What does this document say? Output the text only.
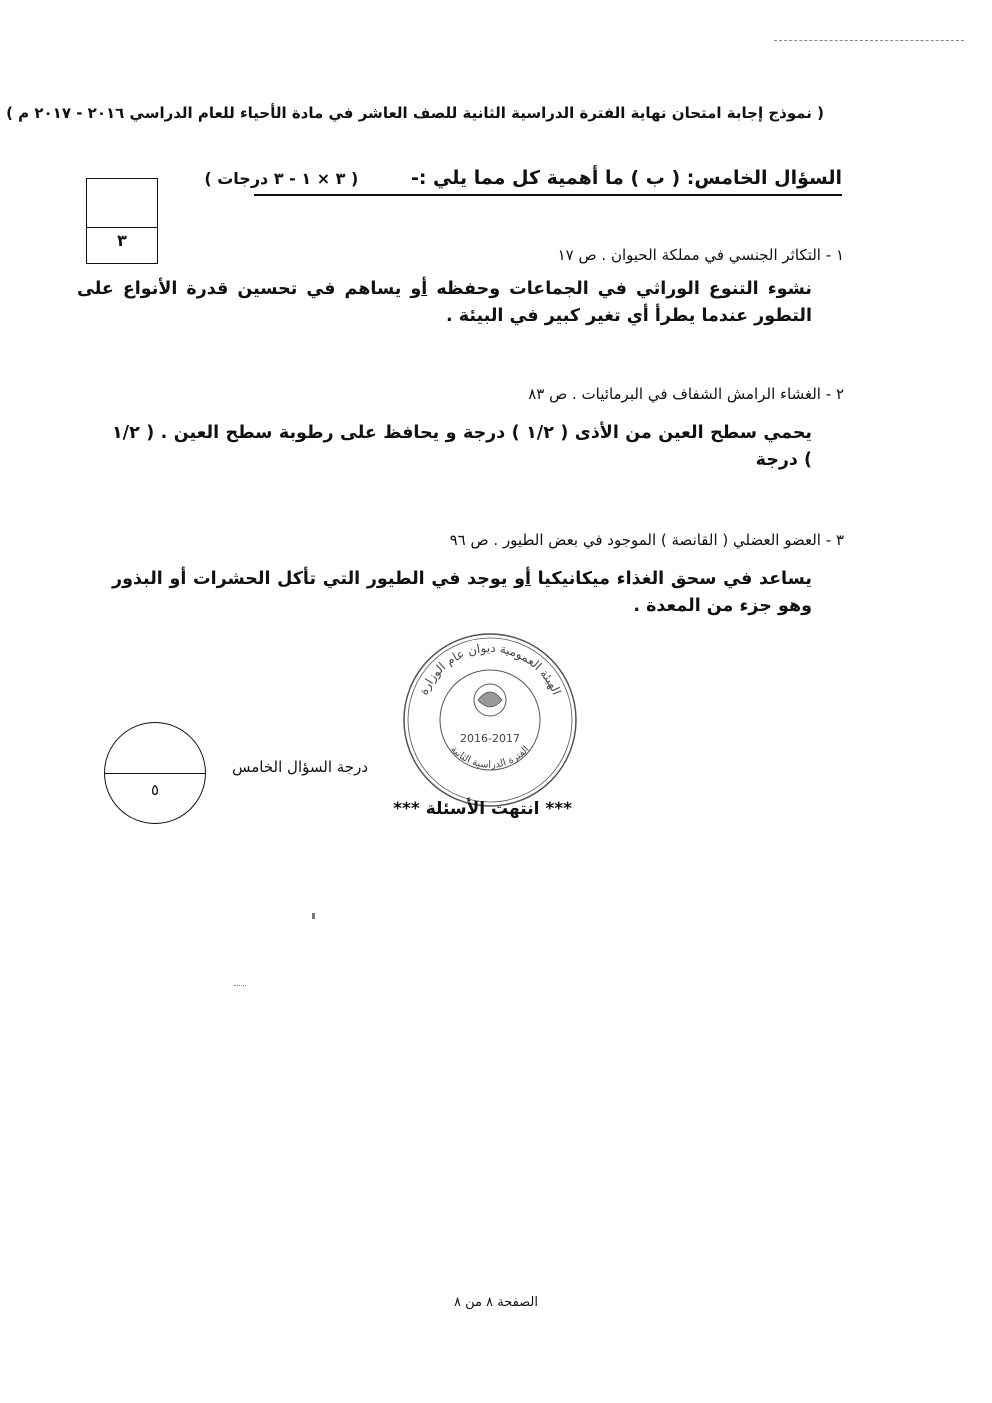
( نموذج إجابة امتحان نهاية الفترة الدراسية الثانية للصف العاشر في مادة الأحياء للعام الدراسي ٢٠١٦ - ٢٠١٧ م )
السؤال الخامس: ( ب ) ما أهمية كل مما يلي :- ( ٣ × ١ - ٣ درجات )
٣
١ - التكاثر الجنسي في مملكة الحيوان . ص ١٧
نشوء التنوع الوراثي في الجماعات وحفظه أو يساهم في تحسين قدرة الأنواع على التطور عندما يطرأ أي تغير كبير في البيئة .
٢ - الغشاء الرامش الشفاف في البرمائيات . ص ٨٣
يحمي سطح العين من الأذى ( ١/٢ ) درجة و يحافظ على رطوبة سطح العين . ( ١/٢ ) درجة
٣ - العضو العضلي ( القانصة ) الموجود في بعض الطيور . ص ٩٦
يساعد في سحق الغذاء ميكانيكيا أو يوجد في الطيور التي تأكل الحشرات أو البذور وهو جزء من المعدة .
الهيئة العمومية ديوان عام الوزارة
الفترة الدراسية الثانية
2016-2017
٥
درجة السؤال الخامس
*** انتهت الأسئلة ***
الصفحة ٨ من ٨
